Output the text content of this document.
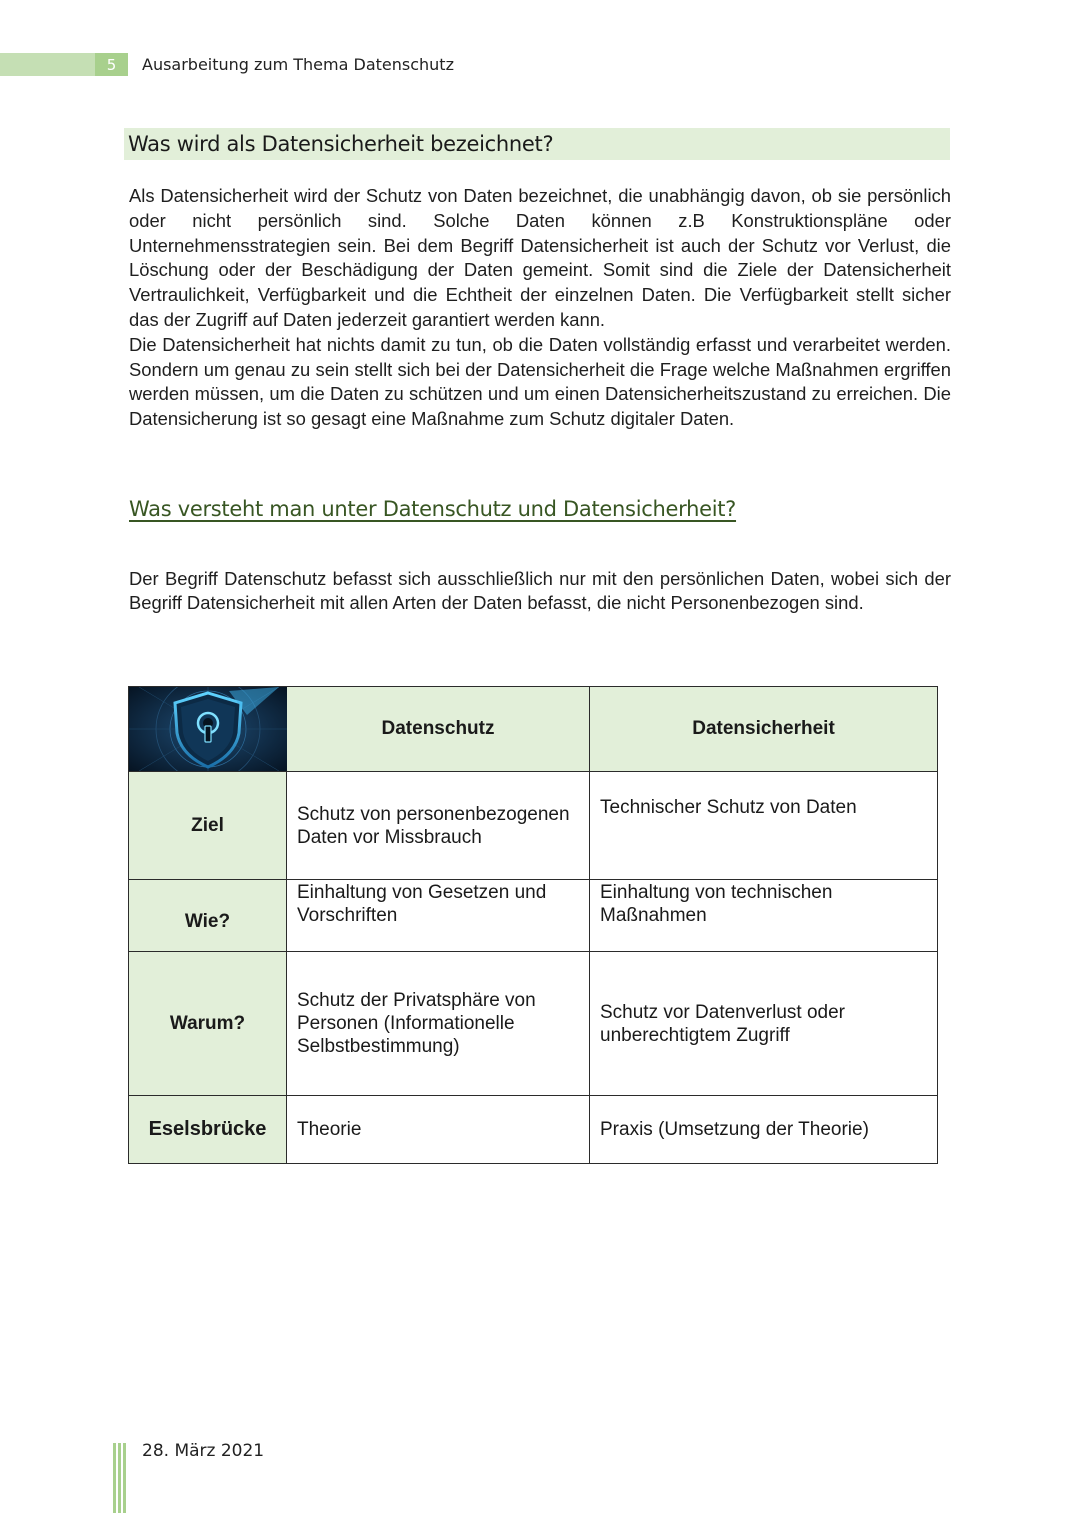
5	Ausarbeitung zum Thema Datenschutz
Was wird als Datensicherheit bezeichnet?

Als Datensicherheit wird der Schutz von Daten bezeichnet, die unabhängig davon, ob sie persönlich oder nicht persönlich sind. Solche Daten können z.B Konstruktionspläne oder Unternehmensstrategien sein. Bei dem Begriff Datensicherheit ist auch der Schutz vor Verlust, die Löschung oder der Beschädigung der Daten gemeint. Somit sind die Ziele der Datensicherheit Vertraulichkeit, Verfügbarkeit und die Echtheit der einzelnen Daten. Die Verfügbarkeit stellt sicher das der Zugriff auf Daten jederzeit garantiert werden kann.

Die Datensicherheit hat nichts damit zu tun, ob die Daten vollständig erfasst und verarbeitet werden. Sondern um genau zu sein stellt sich bei der Datensicherheit die Frage welche Maßnahmen ergriffen werden müssen, um die Daten zu schützen und um einen Datensicherheitszustand zu erreichen. Die Datensicherung ist so gesagt eine Maßnahme zum Schutz digitaler Daten.

Was versteht man unter Datenschutz und Datensicherheit?

Der Begriff Datenschutz befasst sich ausschließlich nur mit den persönlichen Daten, wobei sich der Begriff Datensicherheit mit allen Arten der Daten befasst, die nicht Personenbezogen sind.

	Datenschutz	Datensicherheit
Ziel	Schutz von personenbezogenen Daten vor Missbrauch	Technischer Schutz von Daten
Wie?	Einhaltung von Gesetzen und Vorschriften	Einhaltung von technischen Maßnahmen
Warum?	Schutz der Privatsphäre von Personen (Informationelle Selbstbestimmung)	Schutz vor Datenverlust oder unberechtigtem Zugriff
Eselsbrücke	Theorie	Praxis (Umsetzung der Theorie)
28. März 2021
